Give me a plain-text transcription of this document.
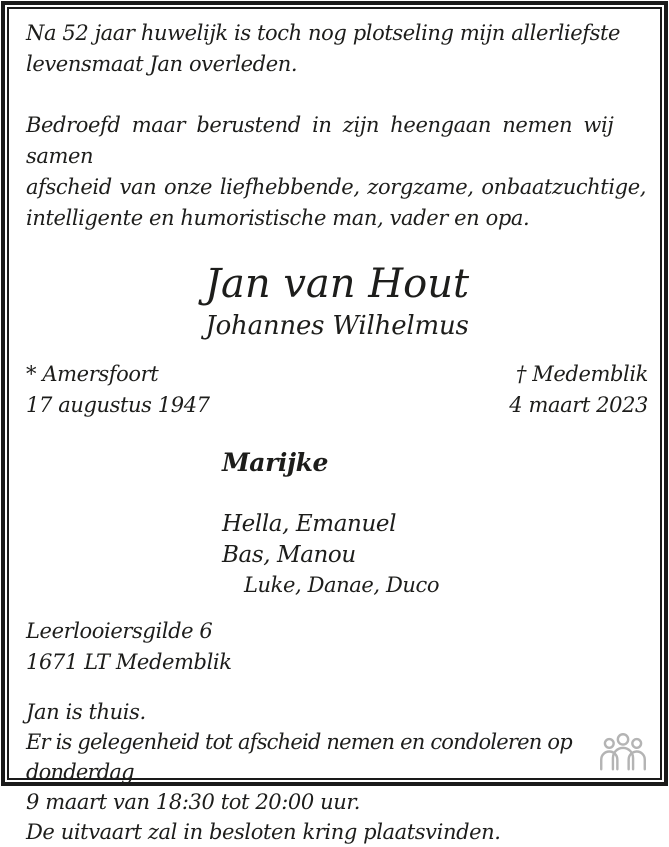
Na 52 jaar huwelijk is toch nog plotseling mijn allerliefste
levensmaat Jan overleden.
Bedroefd maar berustend in zijn heengaan nemen wij samen
afscheid van onze liefhebbende, zorgzame, onbaatzuchtige,
intelligente en humoristische man, vader en opa.
Jan van Hout
Johannes Wilhelmus
* Amersfoort
17 augustus 1947
† Medemblik
4 maart 2023
Marijke
Hella, Emanuel
Bas, Manou
Luke, Danae, Duco
Leerlooiersgilde 6
1671 LT Medemblik
Jan is thuis.
Er is gelegenheid tot afscheid nemen en condoleren op donderdag
9 maart van 18:30 tot 20:00 uur.
De uitvaart zal in besloten kring plaatsvinden.
